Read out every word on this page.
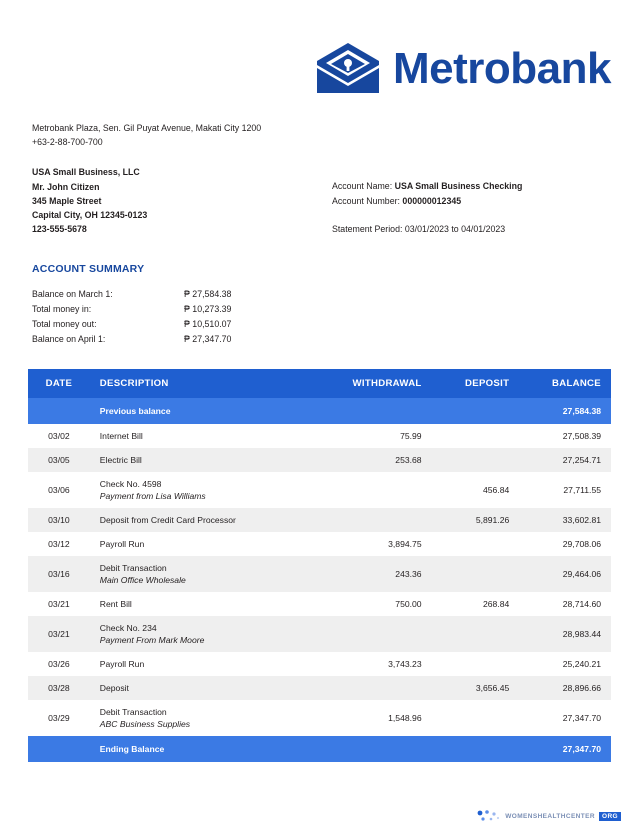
Metrobank
Metrobank Plaza, Sen. Gil Puyat Avenue, Makati City 1200
+63-2-88-700-700
USA Small Business, LLC
Mr. John Citizen
345 Maple Street
Capital City, OH 12345-0123
123-555-5678
Account Name: USA Small Business Checking
Account Number: 000000012345
Statement Period: 03/01/2023 to 04/01/2023
ACCOUNT SUMMARY
Balance on March 1:	₱ 27,584.38
Total money in:	₱ 10,273.39
Total money out:	₱ 10,510.07
Balance on April 1:	₱ 27,347.70
DATE	DESCRIPTION	WITHDRAWAL	DEPOSIT	BALANCE
	Previous balance			27,584.38
03/02	Internet Bill	75.99		27,508.39
03/05	Electric Bill	253.68		27,254.71
03/06	Check No. 4598
Payment from Lisa Williams		456.84	27,711.55
03/10	Deposit from Credit Card Processor		5,891.26	33,602.81
03/12	Payroll Run	3,894.75		29,708.06
03/16	Debit Transaction
Main Office Wholesale	243.36		29,464.06
03/21	Rent Bill	750.00	268.84	28,714.60
03/21	Check No. 234
Payment From Mark Moore			28,983.44
03/26	Payroll Run	3,743.23		25,240.21
03/28	Deposit		3,656.45	28,896.66
03/29	Debit Transaction
ABC Business Supplies	1,548.96		27,347.70
	Ending Balance			27,347.70
WOMENSHEALTHCENTER	ORG
